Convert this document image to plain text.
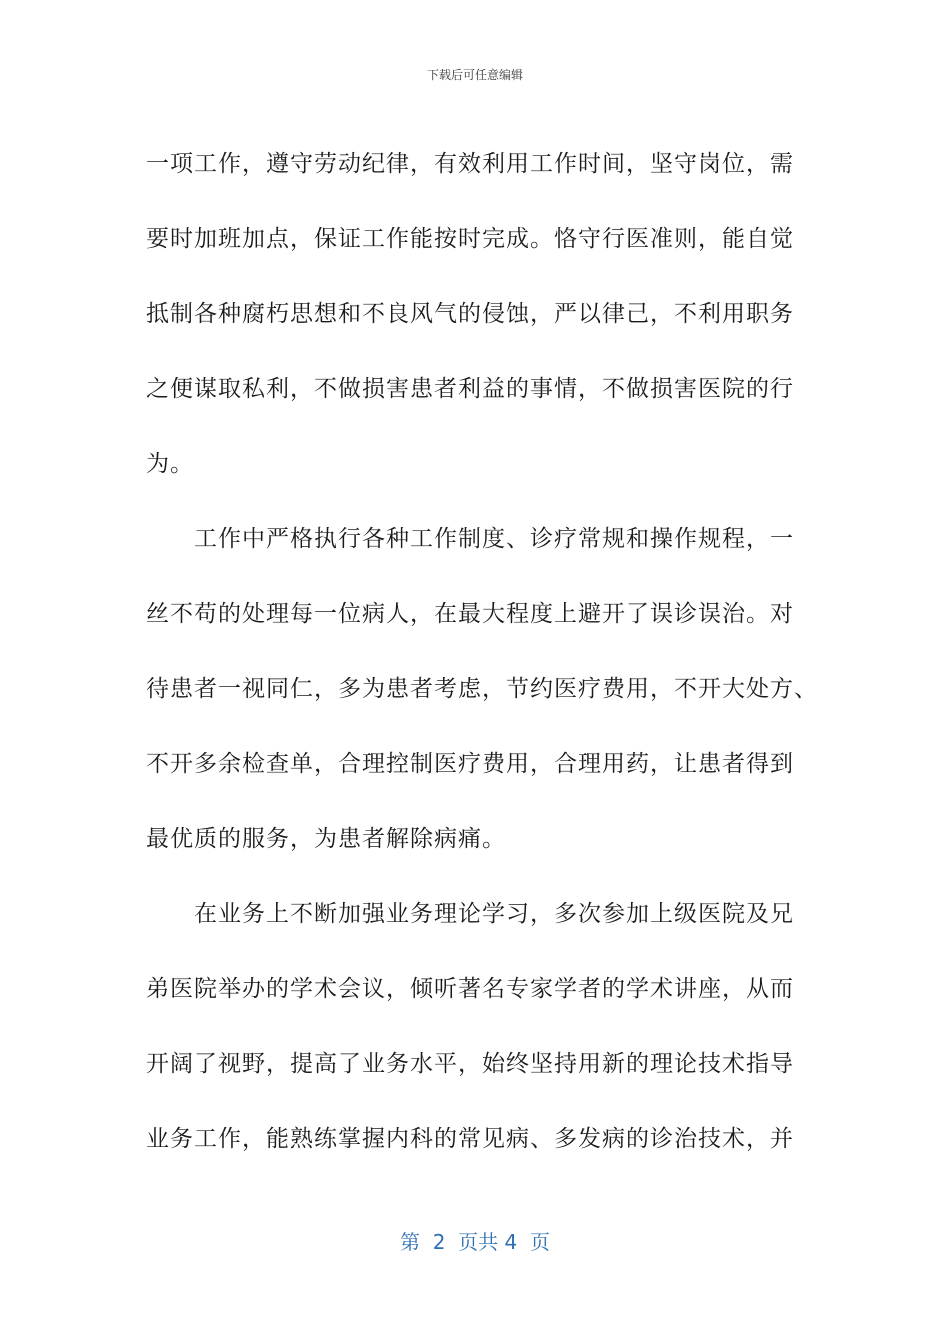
下载后可任意编辑
一项工作，遵守劳动纪律，有效利用工作时间，坚守岗位，需
要时加班加点，保证工作能按时完成。恪守行医准则，能自觉
抵制各种腐朽思想和不良风气的侵蚀，严以律己，不利用职务
之便谋取私利，不做损害患者利益的事情，不做损害医院的行
为。
　　工作中严格执行各种工作制度、诊疗常规和操作规程，一
丝不苟的处理每一位病人，在最大程度上避开了误诊误治。对
待患者一视同仁，多为患者考虑，节约医疗费用，不开大处方、
不开多余检查单，合理控制医疗费用，合理用药，让患者得到
最优质的服务，为患者解除病痛。
　　在业务上不断加强业务理论学习，多次参加上级医院及兄
弟医院举办的学术会议，倾听著名专家学者的学术讲座，从而
开阔了视野，提高了业务水平，始终坚持用新的理论技术指导
业务工作，能熟练掌握内科的常见病、多发病的诊治技术，并
第  2  页共 4  页
